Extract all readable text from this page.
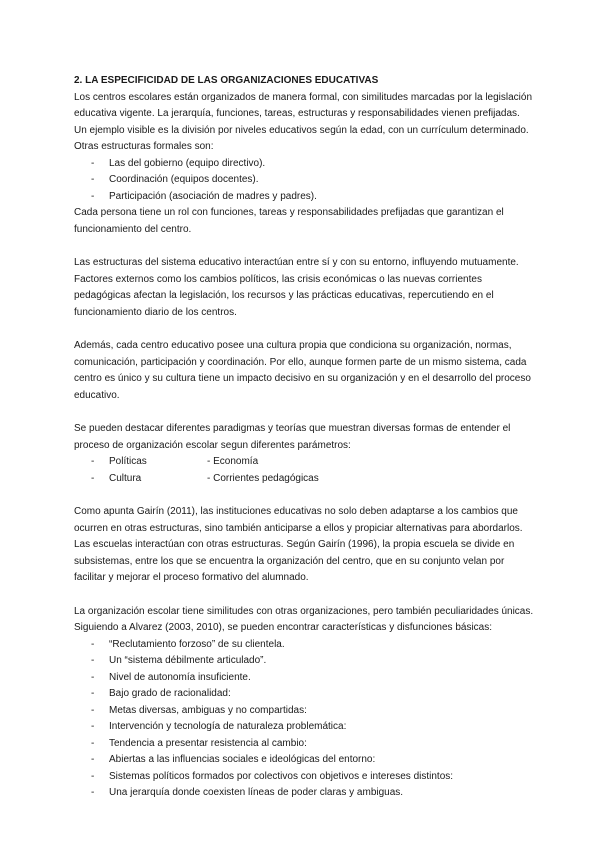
2. LA ESPECIFICIDAD DE LAS ORGANIZACIONES EDUCATIVAS

Los centros escolares están organizados de manera formal, con similitudes marcadas por la legislación educativa vigente. La jerarquía, funciones, tareas, estructuras y responsabilidades vienen prefijadas. Un ejemplo visible es la división por niveles educativos según la edad, con un currículum determinado. Otras estructuras formales son:

- Las del gobierno (equipo directivo).
- Coordinación (equipos docentes).
- Participación (asociación de madres y padres).

Cada persona tiene un rol con funciones, tareas y responsabilidades prefijadas que garantizan el funcionamiento del centro.

Las estructuras del sistema educativo interactúan entre sí y con su entorno, influyendo mutuamente. Factores externos como los cambios políticos, las crisis económicas o las nuevas corrientes pedagógicas afectan la legislación, los recursos y las prácticas educativas, repercutiendo en el funcionamiento diario de los centros.

Además, cada centro educativo posee una cultura propia que condiciona su organización, normas, comunicación, participación y coordinación. Por ello, aunque formen parte de un mismo sistema, cada centro es único y su cultura tiene un impacto decisivo en su organización y en el desarrollo del proceso educativo.

Se pueden destacar diferentes paradigmas y teorías que muestran diversas formas de entender el proceso de organización escolar segun diferentes parámetros:

- Políticas	- Economía
- Cultura	- Corrientes pedagógicas

Como apunta Gairín (2011), las instituciones educativas no solo deben adaptarse a los cambios que ocurren en otras estructuras, sino también anticiparse a ellos y propiciar alternativas para abordarlos.

Las escuelas interactúan con otras estructuras. Según Gairín (1996), la propia escuela se divide en subsistemas, entre los que se encuentra la organización del centro, que en su conjunto velan por facilitar y mejorar el proceso formativo del alumnado.

La organización escolar tiene similitudes con otras organizaciones, pero también peculiaridades únicas. Siguiendo a Alvarez (2003, 2010), se pueden encontrar características y disfunciones básicas:

- “Reclutamiento forzoso” de su clientela.
- Un “sistema débilmente articulado”.
- Nivel de autonomía insuficiente.
- Bajo grado de racionalidad:
- Metas diversas, ambiguas y no compartidas:
- Intervención y tecnología de naturaleza problemática:
- Tendencia a presentar resistencia al cambio:
- Abiertas a las influencias sociales e ideológicas del entorno:
- Sistemas políticos formados por colectivos con objetivos e intereses distintos:
- Una jerarquía donde coexisten líneas de poder claras y ambiguas.
